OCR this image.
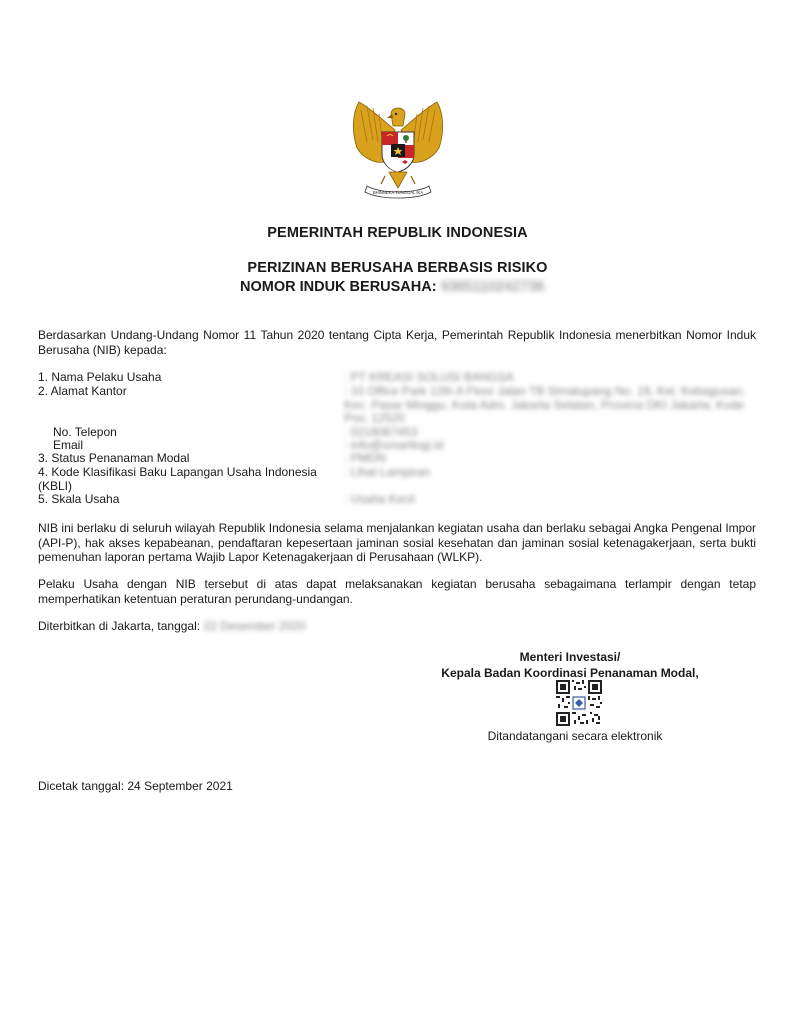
BHINNEKA TUNGGAL IKA
PEMERINTAH REPUBLIK INDONESIA
PERIZINAN BERUSAHA BERBASIS RISIKO
NOMOR INDUK BERUSAHA: 9365110242736
Berdasarkan Undang-Undang Nomor 11 Tahun 2020 tentang Cipta Kerja, Pemerintah Republik Indonesia menerbitkan Nomor Induk Berusaha (NIB) kepada:
1. Nama Pelaku Usaha	: PT KREASI SOLUSI BANGSA
2. Alamat Kantor	: 10 Office Park 12th A Floor Jalan TB Simatupang No. 18, Kel. Kebagusan, Kec. Pasar Minggu, Kota Adm. Jakarta Selatan, Provinsi DKI Jakarta, Kode Pos: 12520
No. Telepon	: 0218067453
Email	: info@smartlogi.id
3. Status Penanaman Modal	: PMDN
4. Kode Klasifikasi Baku Lapangan Usaha Indonesia (KBLI)
: Lihat Lampiran
5. Skala Usaha	: Usaha Kecil
NIB ini berlaku di seluruh wilayah Republik Indonesia selama menjalankan kegiatan usaha dan berlaku sebagai Angka Pengenal Impor (API-P), hak akses kepabeanan, pendaftaran kepesertaan jaminan sosial kesehatan dan jaminan sosial ketenagakerjaan, serta bukti pemenuhan laporan pertama Wajib Lapor Ketenagakerjaan di Perusahaan (WLKP).
Pelaku Usaha dengan NIB tersebut di atas dapat melaksanakan kegiatan berusaha sebagaimana terlampir dengan tetap memperhatikan ketentuan peraturan perundang-undangan.
Diterbitkan di Jakarta, tanggal: 22 Desember 2020
Menteri Investasi/
Kepala Badan Koordinasi Penanaman Modal,
Ditandatangani secara elektronik
Dicetak tanggal: 24 September 2021
